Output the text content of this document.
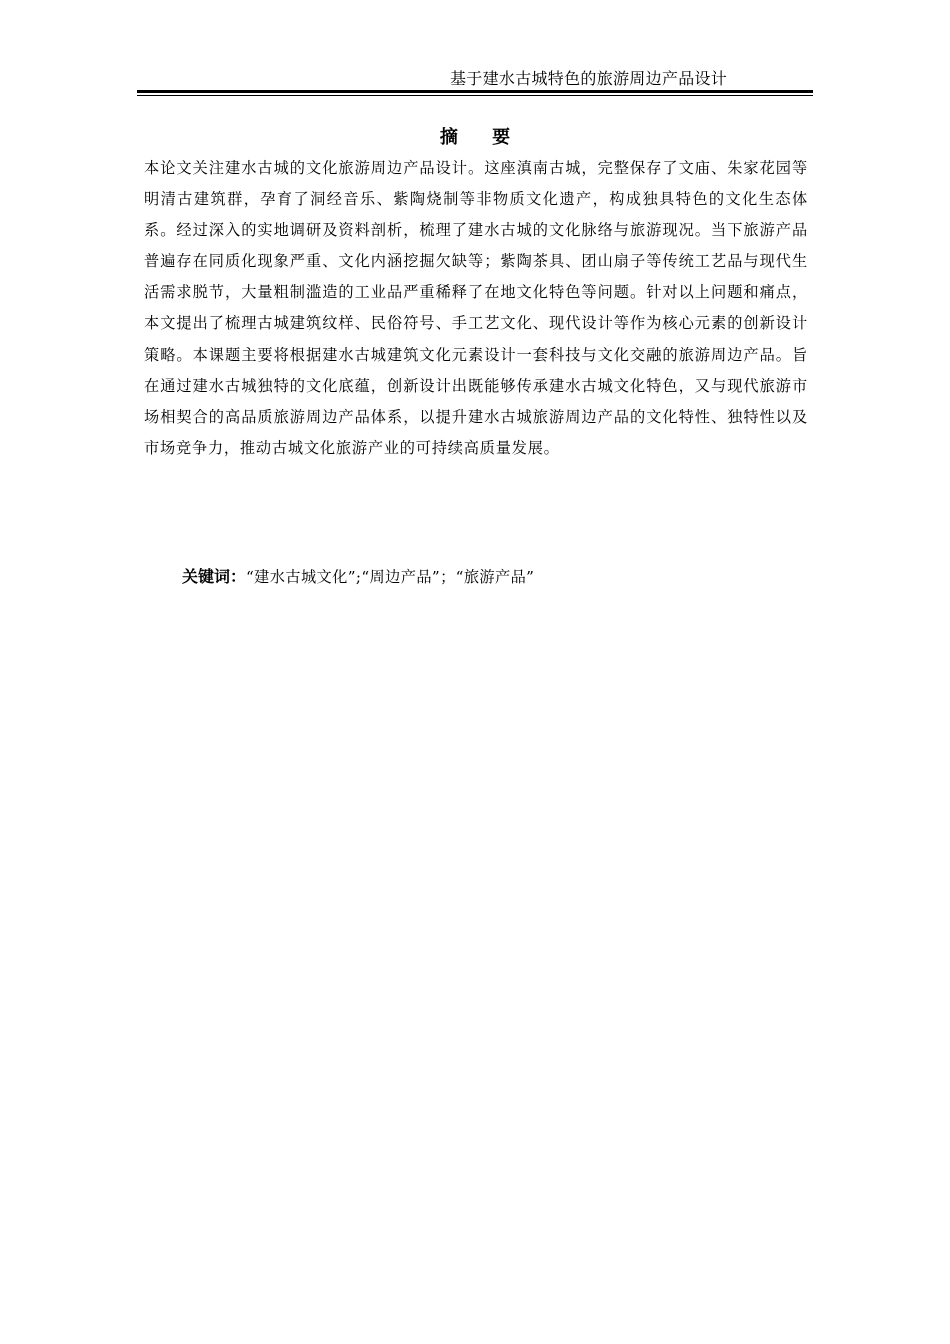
基于建水古城特色的旅游周边产品设计
摘 要

本论文关注建水古城的文化旅游周边产品设计。这座滇南古城，完整保存了文庙、朱家花园等明清古建筑群，孕育了洞经音乐、紫陶烧制等非物质文化遗产，构成独具特色的文化生态体系。经过深入的实地调研及资料剖析，梳理了建水古城的文化脉络与旅游现况。当下旅游产品普遍存在同质化现象严重、文化内涵挖掘欠缺等；紫陶茶具、团山扇子等传统工艺品与现代生活需求脱节，大量粗制滥造的工业品严重稀释了在地文化特色等问题。针对以上问题和痛点，本文提出了梳理古城建筑纹样、民俗符号、手工艺文化、现代设计等作为核心元素的创新设计策略。本课题主要将根据建水古城建筑文化元素设计一套科技与文化交融的旅游周边产品。旨在通过建水古城独特的文化底蕴，创新设计出既能够传承建水古城文化特色，又与现代旅游市场相契合的高品质旅游周边产品体系，以提升建水古城旅游周边产品的文化特性、独特性以及市场竞争力，推动古城文化旅游产业的可持续高质量发展。

关键词：“建水古城文化”;“周边产品”；“旅游产品”
